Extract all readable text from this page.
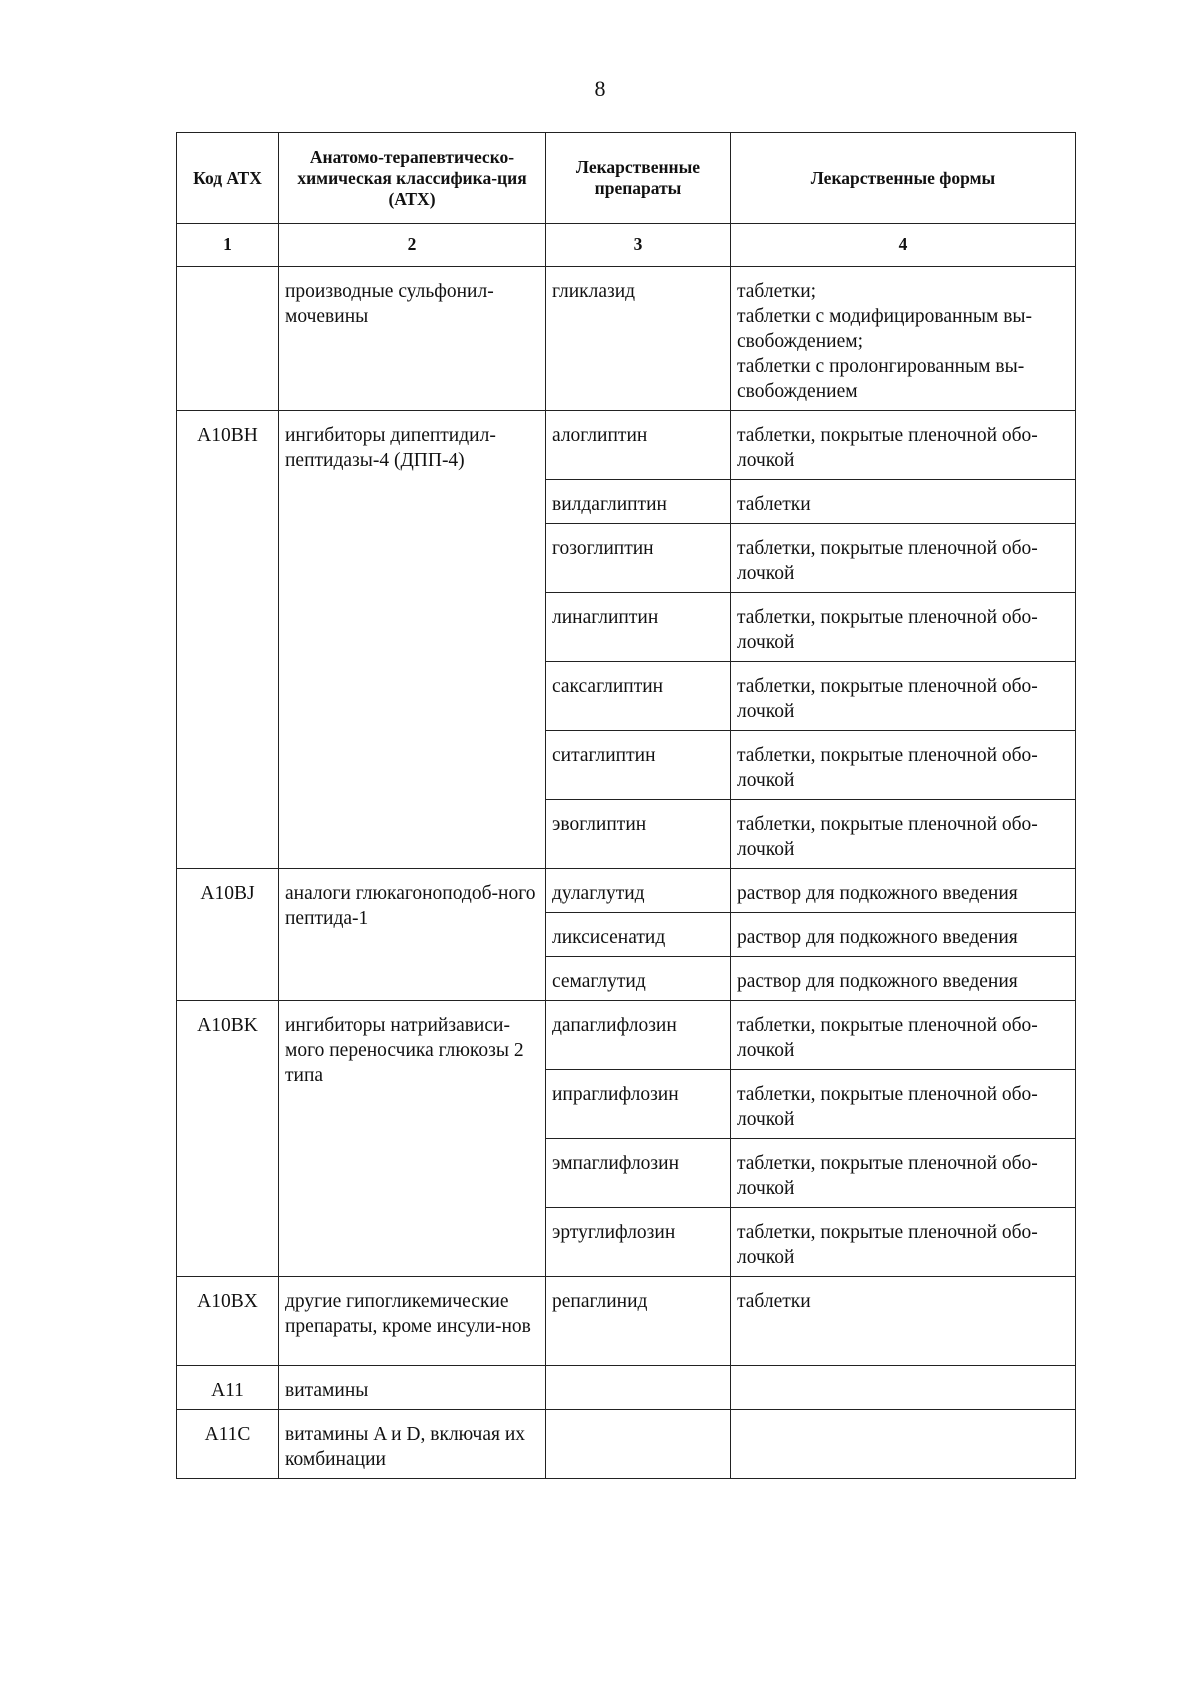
8
Код АТХ	Анатомо-терапевтическо-химическая классифика-ция (АТХ)	Лекарственные препараты	Лекарственные формы
1	2	3	4
	производные сульфонил-мочевины	гликлазид	таблетки;
таблетки с модифицированным вы-свобождением;
таблетки с пролонгированным вы-свобождением

A10BH	ингибиторы дипептидил-пептидазы-4 (ДПП-4)	алоглиптин	таблетки, покрытые пленочной обо-лочкой

		вилдаглиптин	таблетки

		гозоглиптин	таблетки, покрытые пленочной обо-лочкой

		линаглиптин	таблетки, покрытые пленочной обо-лочкой

		саксаглиптин	таблетки, покрытые пленочной обо-лочкой

		ситаглиптин	таблетки, покрытые пленочной обо-лочкой

		эвоглиптин	таблетки, покрытые пленочной обо-лочкой

A10BJ	аналоги глюкагоноподоб-ного пептида-1	дулаглутид	раствор для подкожного введения

		ликсисенатид	раствор для подкожного введения

		семаглутид	раствор для подкожного введения

A10BK	ингибиторы натрийзависи-мого переносчика глюкозы 2 типа	дапаглифлозин	таблетки, покрытые пленочной обо-лочкой

		ипраглифлозин	таблетки, покрытые пленочной обо-лочкой

		эмпаглифлозин	таблетки, покрытые пленочной обо-лочкой

		эртуглифлозин	таблетки, покрытые пленочной обо-лочкой

A10BX	другие гипогликемические препараты, кроме инсули-нов	репаглинид	таблетки

A11	витамины		

A11C	витамины A и D, включая их комбинации		
